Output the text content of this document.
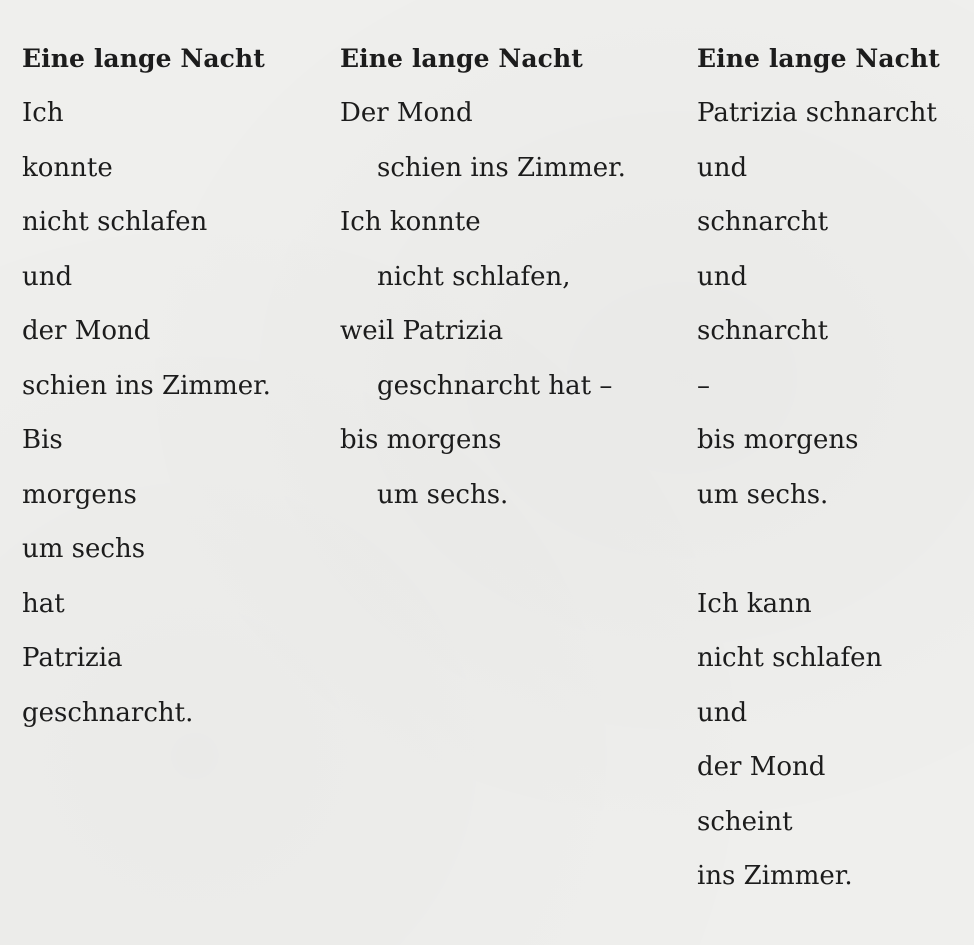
Eine lange Nacht
Ich
konnte
nicht schlafen
und
der Mond
schien ins Zimmer.
Bis
morgens
um sechs
hat
Patrizia
geschnarcht.
Eine lange Nacht
Der Mond
schien ins Zimmer.
Ich konnte
nicht schlafen,
weil Patrizia
geschnarcht hat –
bis morgens
um sechs.
Eine lange Nacht
Patrizia schnarcht
und
schnarcht
und
schnarcht
–
bis morgens
um sechs.
Ich kann
nicht schlafen
und
der Mond
scheint
ins Zimmer.
